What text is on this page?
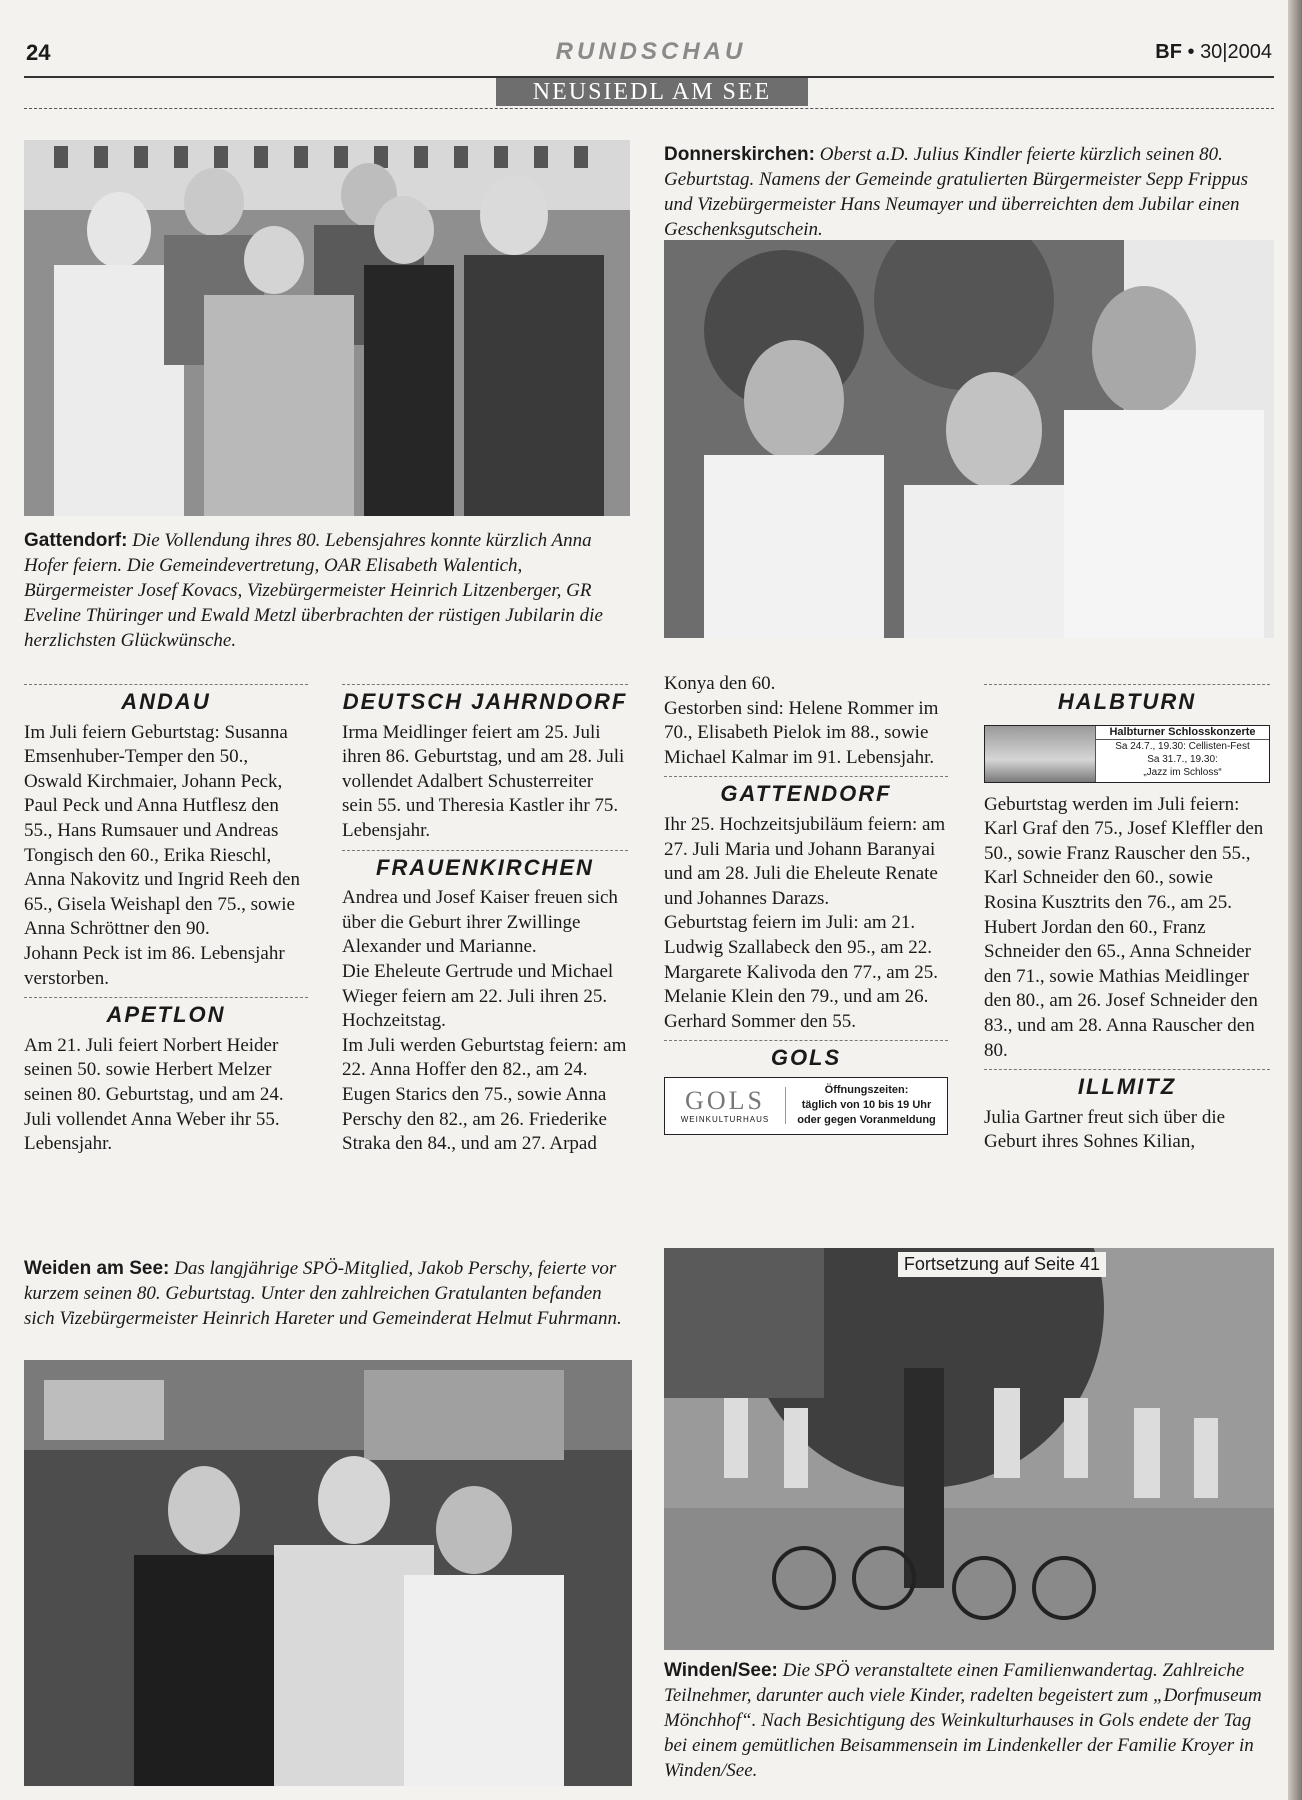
24	RUNDSCHAU	BF • 30|2004
NEUSIEDL AM SEE
Gattendorf: Die Vollendung ihres 80. Lebensjahres konnte kürzlich Anna Hofer feiern. Die Gemeindevertretung, OAR Elisabeth Walentich, Bürgermeister Josef Kovacs, Vizebürgermeister Heinrich Litzenberger, GR Eveline Thüringer und Ewald Metzl überbrachten der rüstigen Jubilarin die herzlichsten Glückwünsche.
Donnerskirchen: Oberst a.D. Julius Kindler feierte kürzlich seinen 80. Geburtstag. Namens der Gemeinde gratulierten Bürgermeister Sepp Frippus und Vizebürgermeister Hans Neumayer und überreichten dem Jubilar einen Geschenksgutschein.
ANDAU

Im Juli feiern Geburtstag: Susanna Emsenhuber-Temper den 50., Oswald Kirchmaier, Johann Peck, Paul Peck und Anna Hutflesz den 55., Hans Rumsauer und Andreas Tongisch den 60., Erika Rieschl, Anna Nakovitz und Ingrid Reeh den 65., Gisela Weishapl den 75., sowie Anna Schröttner den 90.

Johann Peck ist im 86. Lebensjahr verstorben.

APETLON

Am 21. Juli feiert Norbert Heider seinen 50. sowie Herbert Melzer seinen 80. Geburtstag, und am 24. Juli vollendet Anna Weber ihr 55. Lebensjahr.

DEUTSCH JAHRNDORF

Irma Meidlinger feiert am 25. Juli ihren 86. Geburtstag, und am 28. Juli vollendet Adalbert Schusterreiter sein 55. und Theresia Kastler ihr 75. Lebensjahr.

FRAUENKIRCHEN

Andrea und Josef Kaiser freuen sich über die Geburt ihrer Zwillinge Alexander und Marianne.

Die Eheleute Gertrude und Michael Wieger feiern am 22. Juli ihren 25. Hochzeitstag.

Im Juli werden Geburtstag feiern: am 22. Anna Hoffer den 82., am 24. Eugen Starics den 75., sowie Anna Perschy den 82., am 26. Friederike Straka den 84., und am 27. Arpad

Konya den 60.

Gestorben sind: Helene Rommer im 70., Elisabeth Pielok im 88., sowie Michael Kalmar im 91. Lebensjahr.

GATTENDORF

Ihr 25. Hochzeitsjubiläum feiern: am 27. Juli Maria und Johann Baranyai und am 28. Juli die Eheleute Renate und Johannes Darazs.

Geburtstag feiern im Juli: am 21. Ludwig Szallabeck den 95., am 22. Margarete Kalivoda den 77., am 25. Melanie Klein den 79., und am 26. Gerhard Sommer den 55.

GOLS
GOLS
WEINKULTURHAUS
Öffnungszeiten:
täglich von 10 bis 19 Uhr
oder gegen Voranmeldung
HALBTURN
Halbturner Schlosskonzerte
Sa 24.7., 19.30: Cellisten-Fest
Sa 31.7., 19.30:
„Jazz im Schloss“

Geburtstag werden im Juli feiern: Karl Graf den 75., Josef Kleffler den 50., sowie Franz Rauscher den 55., Karl Schneider den 60., sowie Rosina Kusztrits den 76., am 25. Hubert Jordan den 60., Franz Schneider den 65., Anna Schneider den 71., sowie Mathias Meidlinger den 80., am 26. Josef Schneider den 83., und am 28. Anna Rauscher den 80.

ILLMITZ

Julia Gartner freut sich über die Geburt ihres Sohnes Kilian,

Weiden am See: Das langjährige SPÖ-Mitglied, Jakob Perschy, feierte vor kurzem seinen 80. Geburtstag. Unter den zahlreichen Gratulanten befanden sich Vizebürgermeister Heinrich Hareter und Gemeinderat Helmut Fuhrmann.
Fortsetzung auf Seite 41
Winden/See: Die SPÖ veranstaltete einen Familienwandertag. Zahlreiche Teilnehmer, darunter auch viele Kinder, radelten begeistert zum „Dorfmuseum Mönchhof“. Nach Besichtigung des Weinkulturhauses in Gols endete der Tag bei einem gemütlichen Beisammensein im Lindenkeller der Familie Kroyer in Winden/See.
